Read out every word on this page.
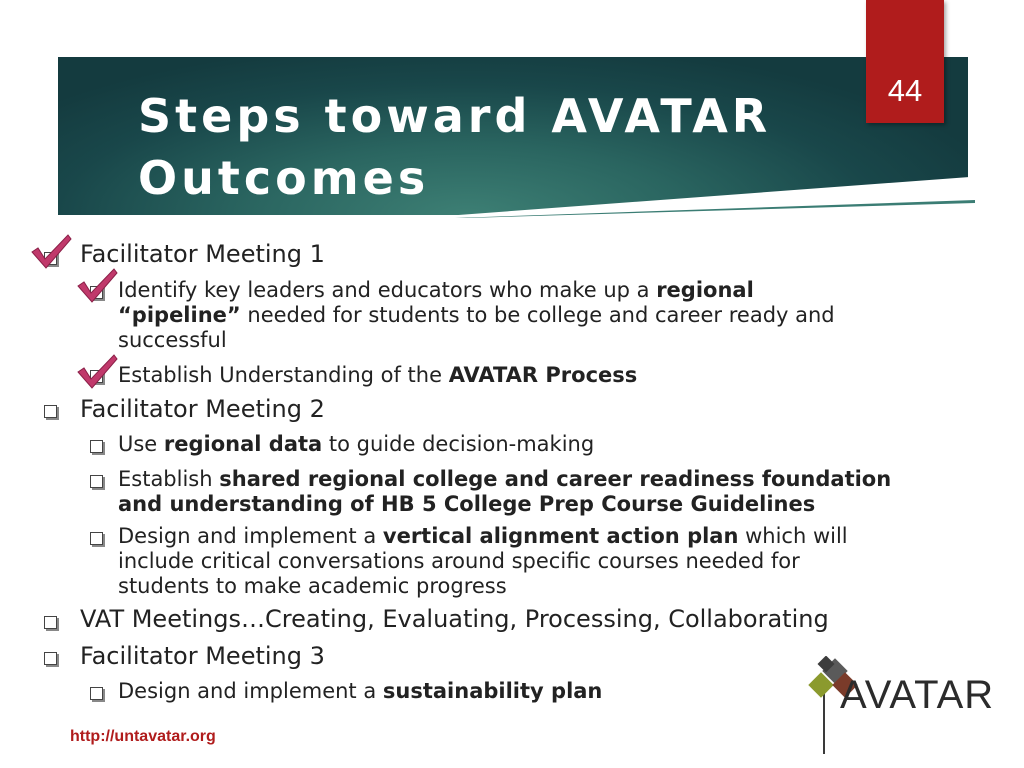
Steps toward AVATAR
Outcomes
44
Facilitator Meeting 1
Identify key leaders and educators who make up a regional
“pipeline” needed for students to be college and career ready and
successful
Establish Understanding of the AVATAR Process
Facilitator Meeting 2
Use regional data to guide decision-making
Establish shared regional college and career readiness foundation
and understanding of HB 5 College Prep Course Guidelines
Design and implement a vertical alignment action plan which will
include critical conversations around specific courses needed for
students to make academic progress
VAT Meetings…Creating, Evaluating, Processing, Collaborating
Facilitator Meeting 3
Design and implement a sustainability plan
http://untavatar.org
AVATAR
